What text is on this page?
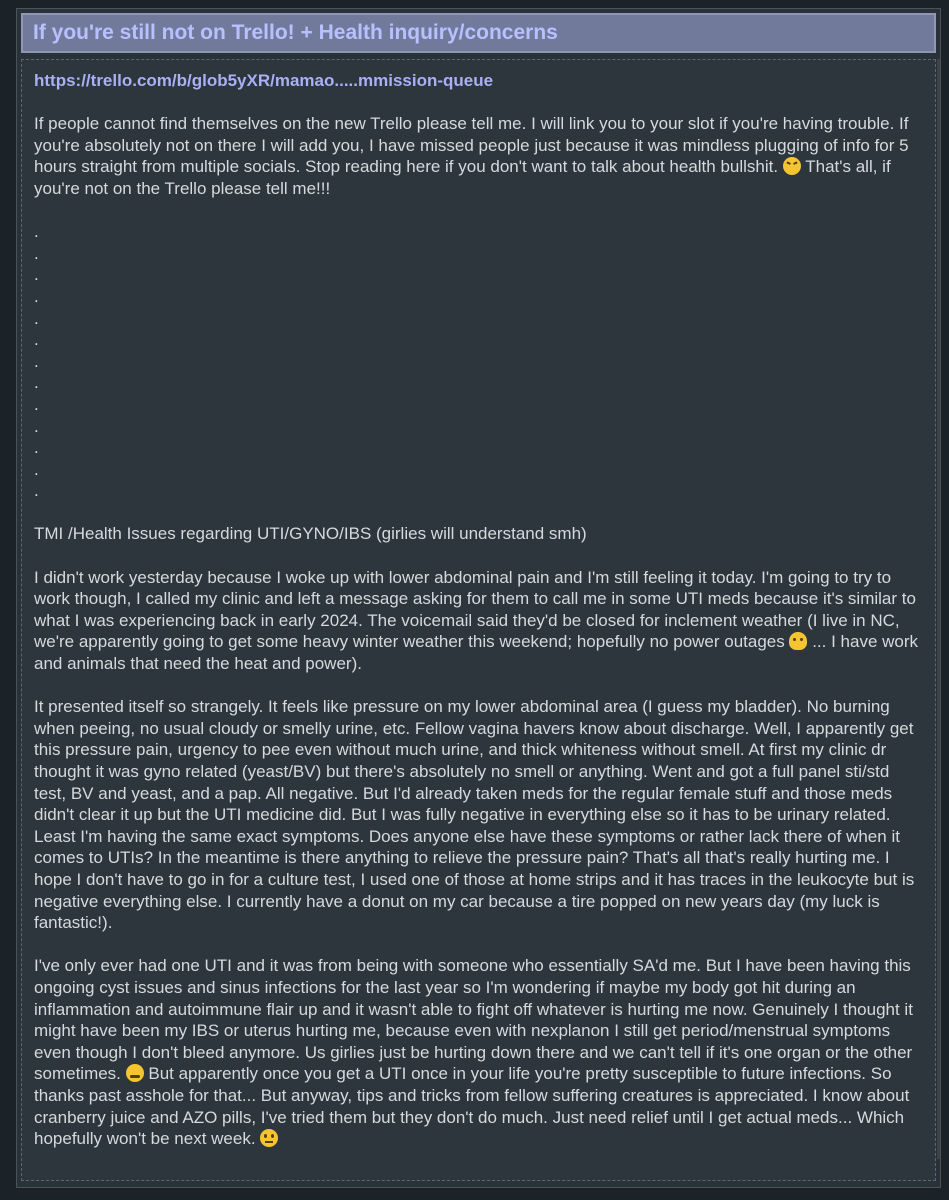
If you're still not on Trello! + Health inquiry/concerns
https://trello.com/b/glob5yXR/mamao.....mmission-queue

If people cannot find themselves on the new Trello please tell me. I will link you to your slot if you're having trouble. If you're absolutely not on there I will add you, I have missed people just because it was mindless plugging of info for 5 hours straight from multiple socials. Stop reading here if you don't want to talk about health bullshit.  That's all, if you're not on the Trello please tell me!!!

.
.
.
.
.
.
.
.
.
.
.
.
.

TMI /Health Issues regarding UTI/GYNO/IBS (girlies will understand smh)

I didn't work yesterday because I woke up with lower abdominal pain and I'm still feeling it today. I'm going to try to work though, I called my clinic and left a message asking for them to call me in some UTI meds because it's similar to what I was experiencing back in early 2024. The voicemail said they'd be closed for inclement weather (I live in NC, we're apparently going to get some heavy winter weather this weekend; hopefully no power outages  ... I have work and animals that need the heat and power).

It presented itself so strangely. It feels like pressure on my lower abdominal area (I guess my bladder). No burning when peeing, no usual cloudy or smelly urine, etc. Fellow vagina havers know about discharge. Well, I apparently get this pressure pain, urgency to pee even without much urine, and thick whiteness without smell. At first my clinic dr thought it was gyno related (yeast/BV) but there's absolutely no smell or anything. Went and got a full panel sti/std test, BV and yeast, and a pap. All negative. But I'd already taken meds for the regular female stuff and those meds didn't clear it up but the UTI medicine did. But I was fully negative in everything else so it has to be urinary related. Least I'm having the same exact symptoms. Does anyone else have these symptoms or rather lack there of when it comes to UTIs? In the meantime is there anything to relieve the pressure pain? That's all that's really hurting me. I hope I don't have to go in for a culture test, I used one of those at home strips and it has traces in the leukocyte but is negative everything else. I currently have a donut on my car because a tire popped on new years day (my luck is fantastic!).

I've only ever had one UTI and it was from being with someone who essentially SA'd me. But I have been having this ongoing cyst issues and sinus infections for the last year so I'm wondering if maybe my body got hit during an inflammation and autoimmune flair up and it wasn't able to fight off whatever is hurting me now. Genuinely I thought it might have been my IBS or uterus hurting me, because even with nexplanon I still get period/menstrual symptoms even though I don't bleed anymore. Us girlies just be hurting down there and we can't tell if it's one organ or the other sometimes.  But apparently once you get a UTI once in your life you're pretty susceptible to future infections. So thanks past asshole for that... But anyway, tips and tricks from fellow suffering creatures is appreciated. I know about cranberry juice and AZO pills, I've tried them but they don't do much. Just need relief until I get actual meds... Which hopefully won't be next week.
